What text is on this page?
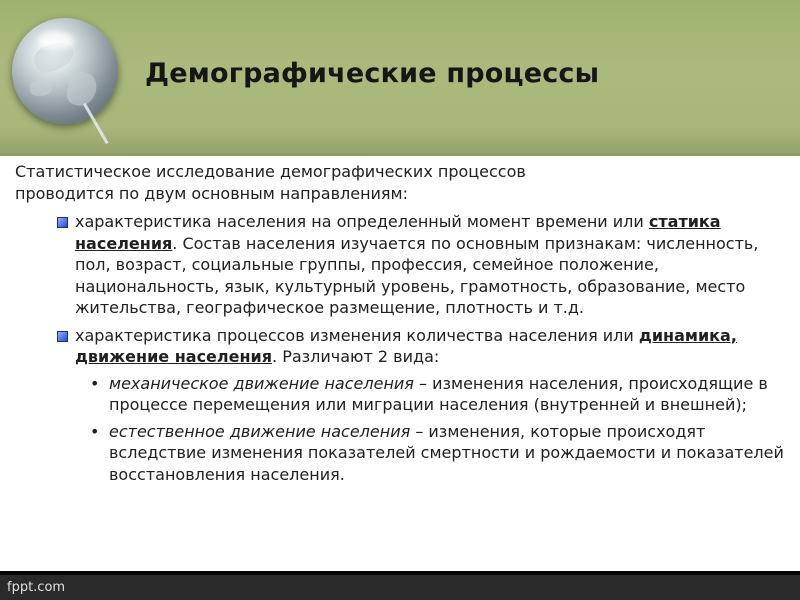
Демографические процессы
Статистическое исследование демографических процессов
проводится по двум основным направлениям:
характеристика населения на определенный момент времени или статика населения. Состав населения изучается по основным признакам: численность, пол, возраст, социальные группы, профессия, семейное положение, национальность, язык, культурный уровень, грамотность, образование, место жительства, географическое размещение, плотность и т.д.
характеристика процессов изменения количества населения или динамика, движение населения. Различают 2 вида:
• механическое движение населения – изменения населения, происходящие в процессе перемещения или миграции населения (внутренней и внешней);
• естественное движение населения – изменения, которые происходят вследствие изменения показателей смертности и рождаемости и показателей восстановления населения.
fppt.com
